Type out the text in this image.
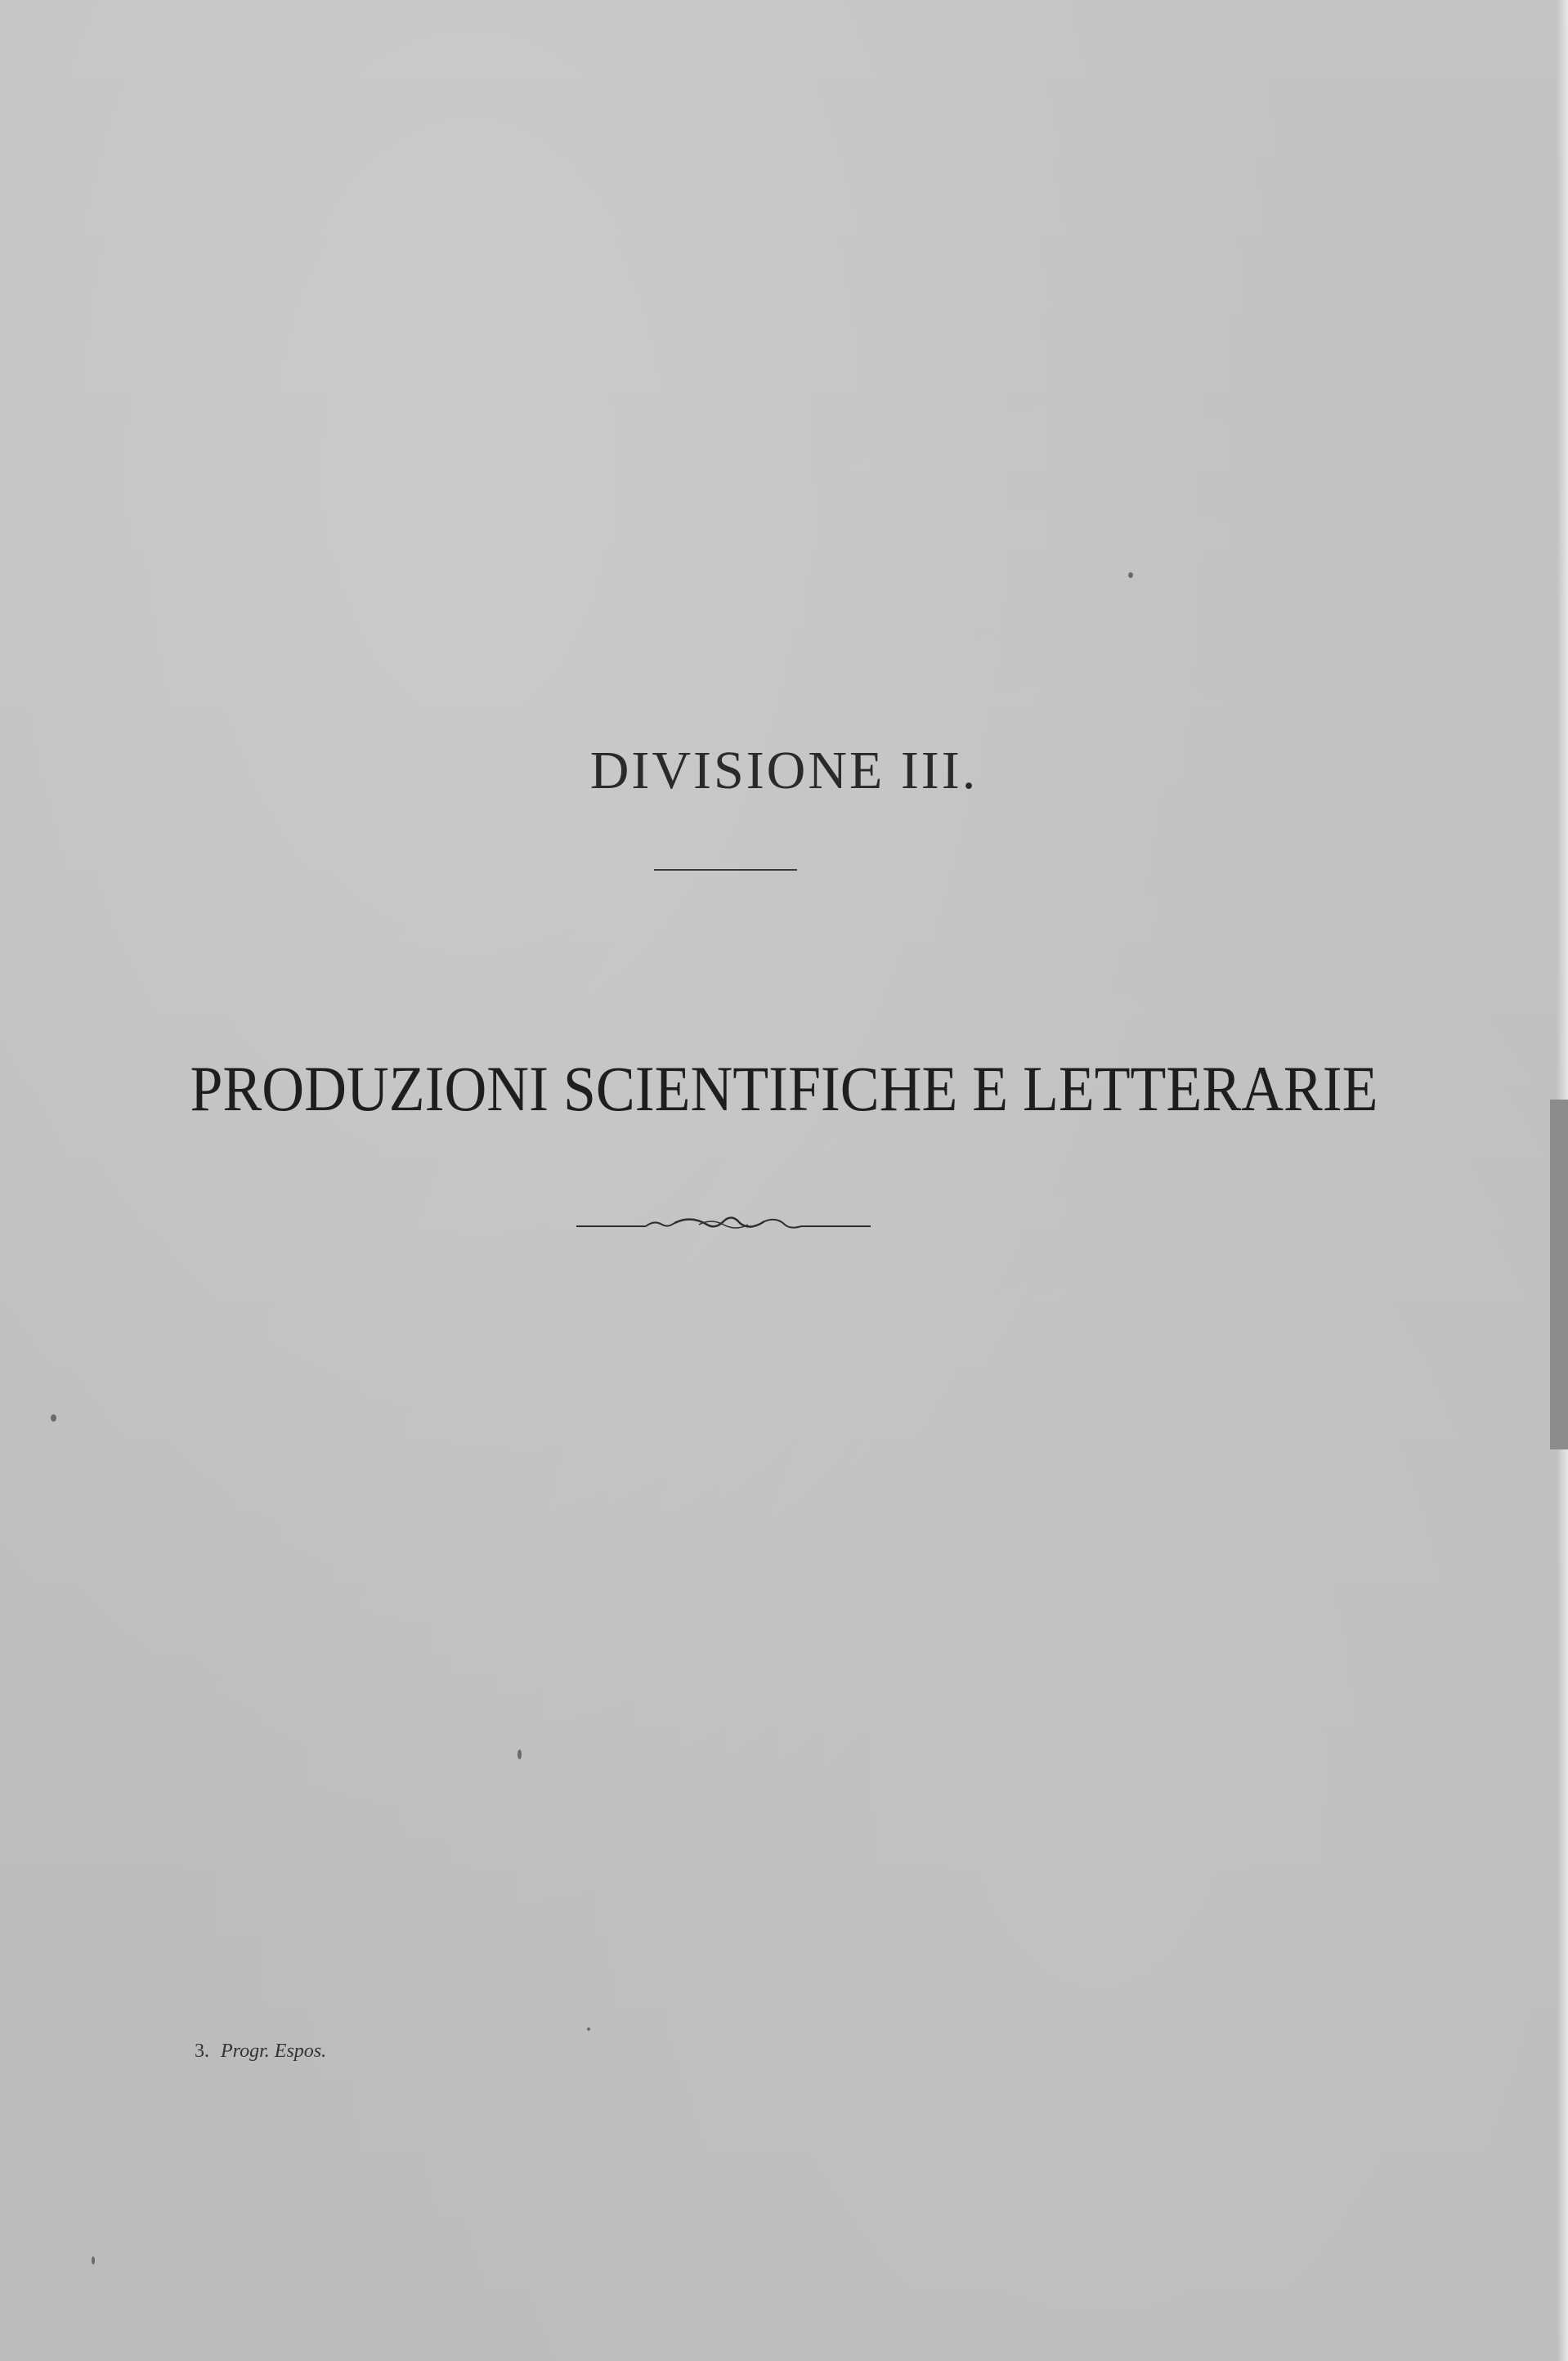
DIVISIONE III.
PRODUZIONI SCIENTIFICHE E LETTERARIE
3. Progr. Espos.
